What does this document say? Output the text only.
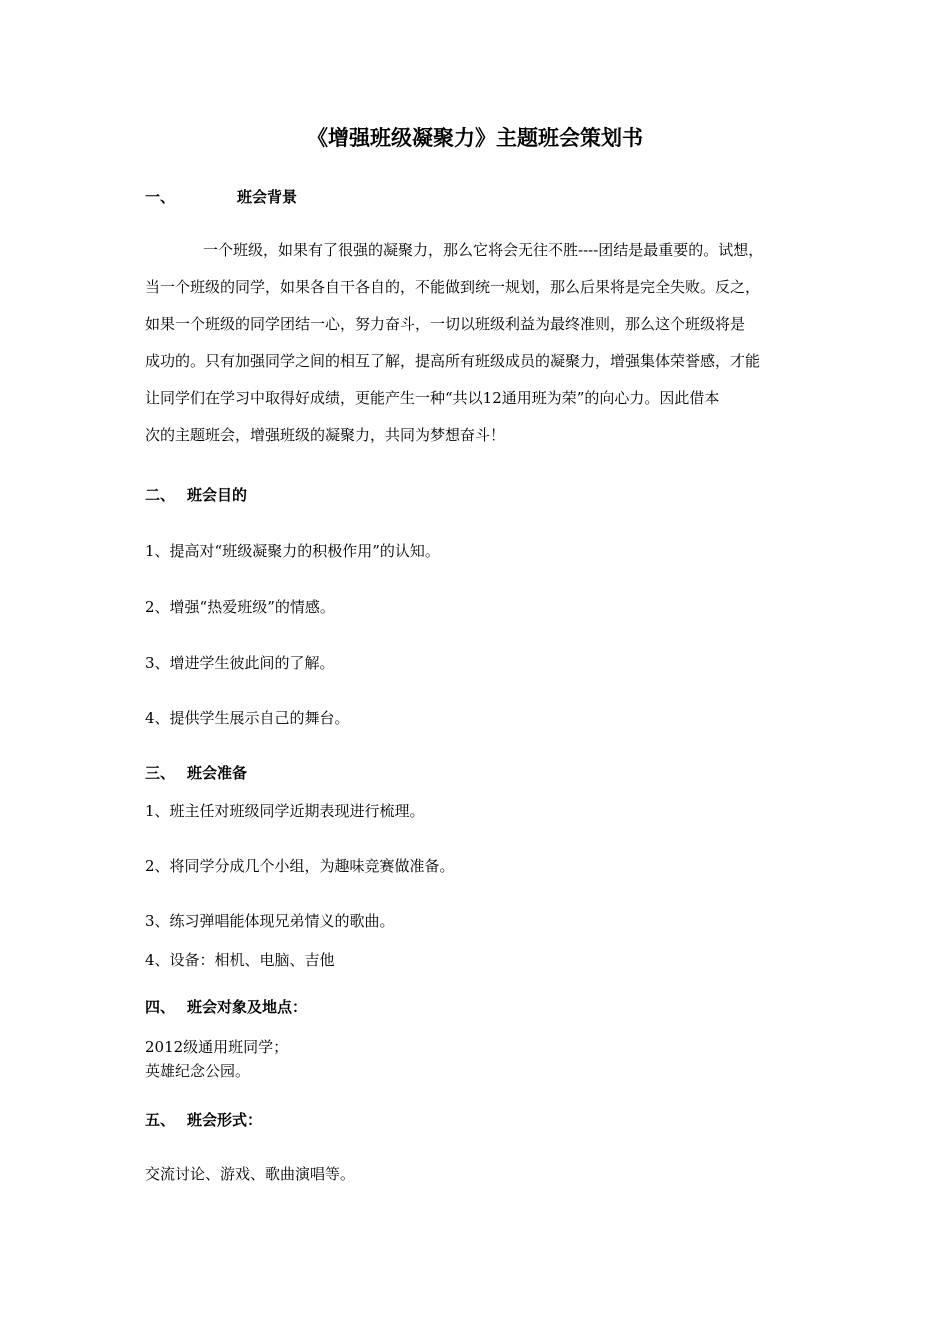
《增强班级凝聚力》主题班会策划书
一、	班会背景
一个班级，如果有了很强的凝聚力，那么它将会无往不胜----团结是最重要的。试想，
当一个班级的同学，如果各自干各自的，不能做到统一规划，那么后果将是完全失败。反之，
如果一个班级的同学团结一心，努力奋斗，一切以班级利益为最终准则，那么这个班级将是
成功的。只有加强同学之间的相互了解，提高所有班级成员的凝聚力，增强集体荣誉感，才能
让同学们在学习中取得好成绩，更能产生一种“共以12通用班为荣”的向心力。因此借本
次的主题班会，增强班级的凝聚力，共同为梦想奋斗！
二、 班会目的
1、提高对“班级凝聚力的积极作用”的认知。
2、增强“热爱班级”的情感。
3、增进学生彼此间的了解。
4、提供学生展示自己的舞台。
三、 班会准备
1、班主任对班级同学近期表现进行梳理。
2、将同学分成几个小组，为趣味竞赛做准备。
3、练习弹唱能体现兄弟情义的歌曲。
4、设备：相机、电脑、吉他
四、 班会对象及地点：
2012级通用班同学；
英雄纪念公园。
五、 班会形式：
交流讨论、游戏、歌曲演唱等。
